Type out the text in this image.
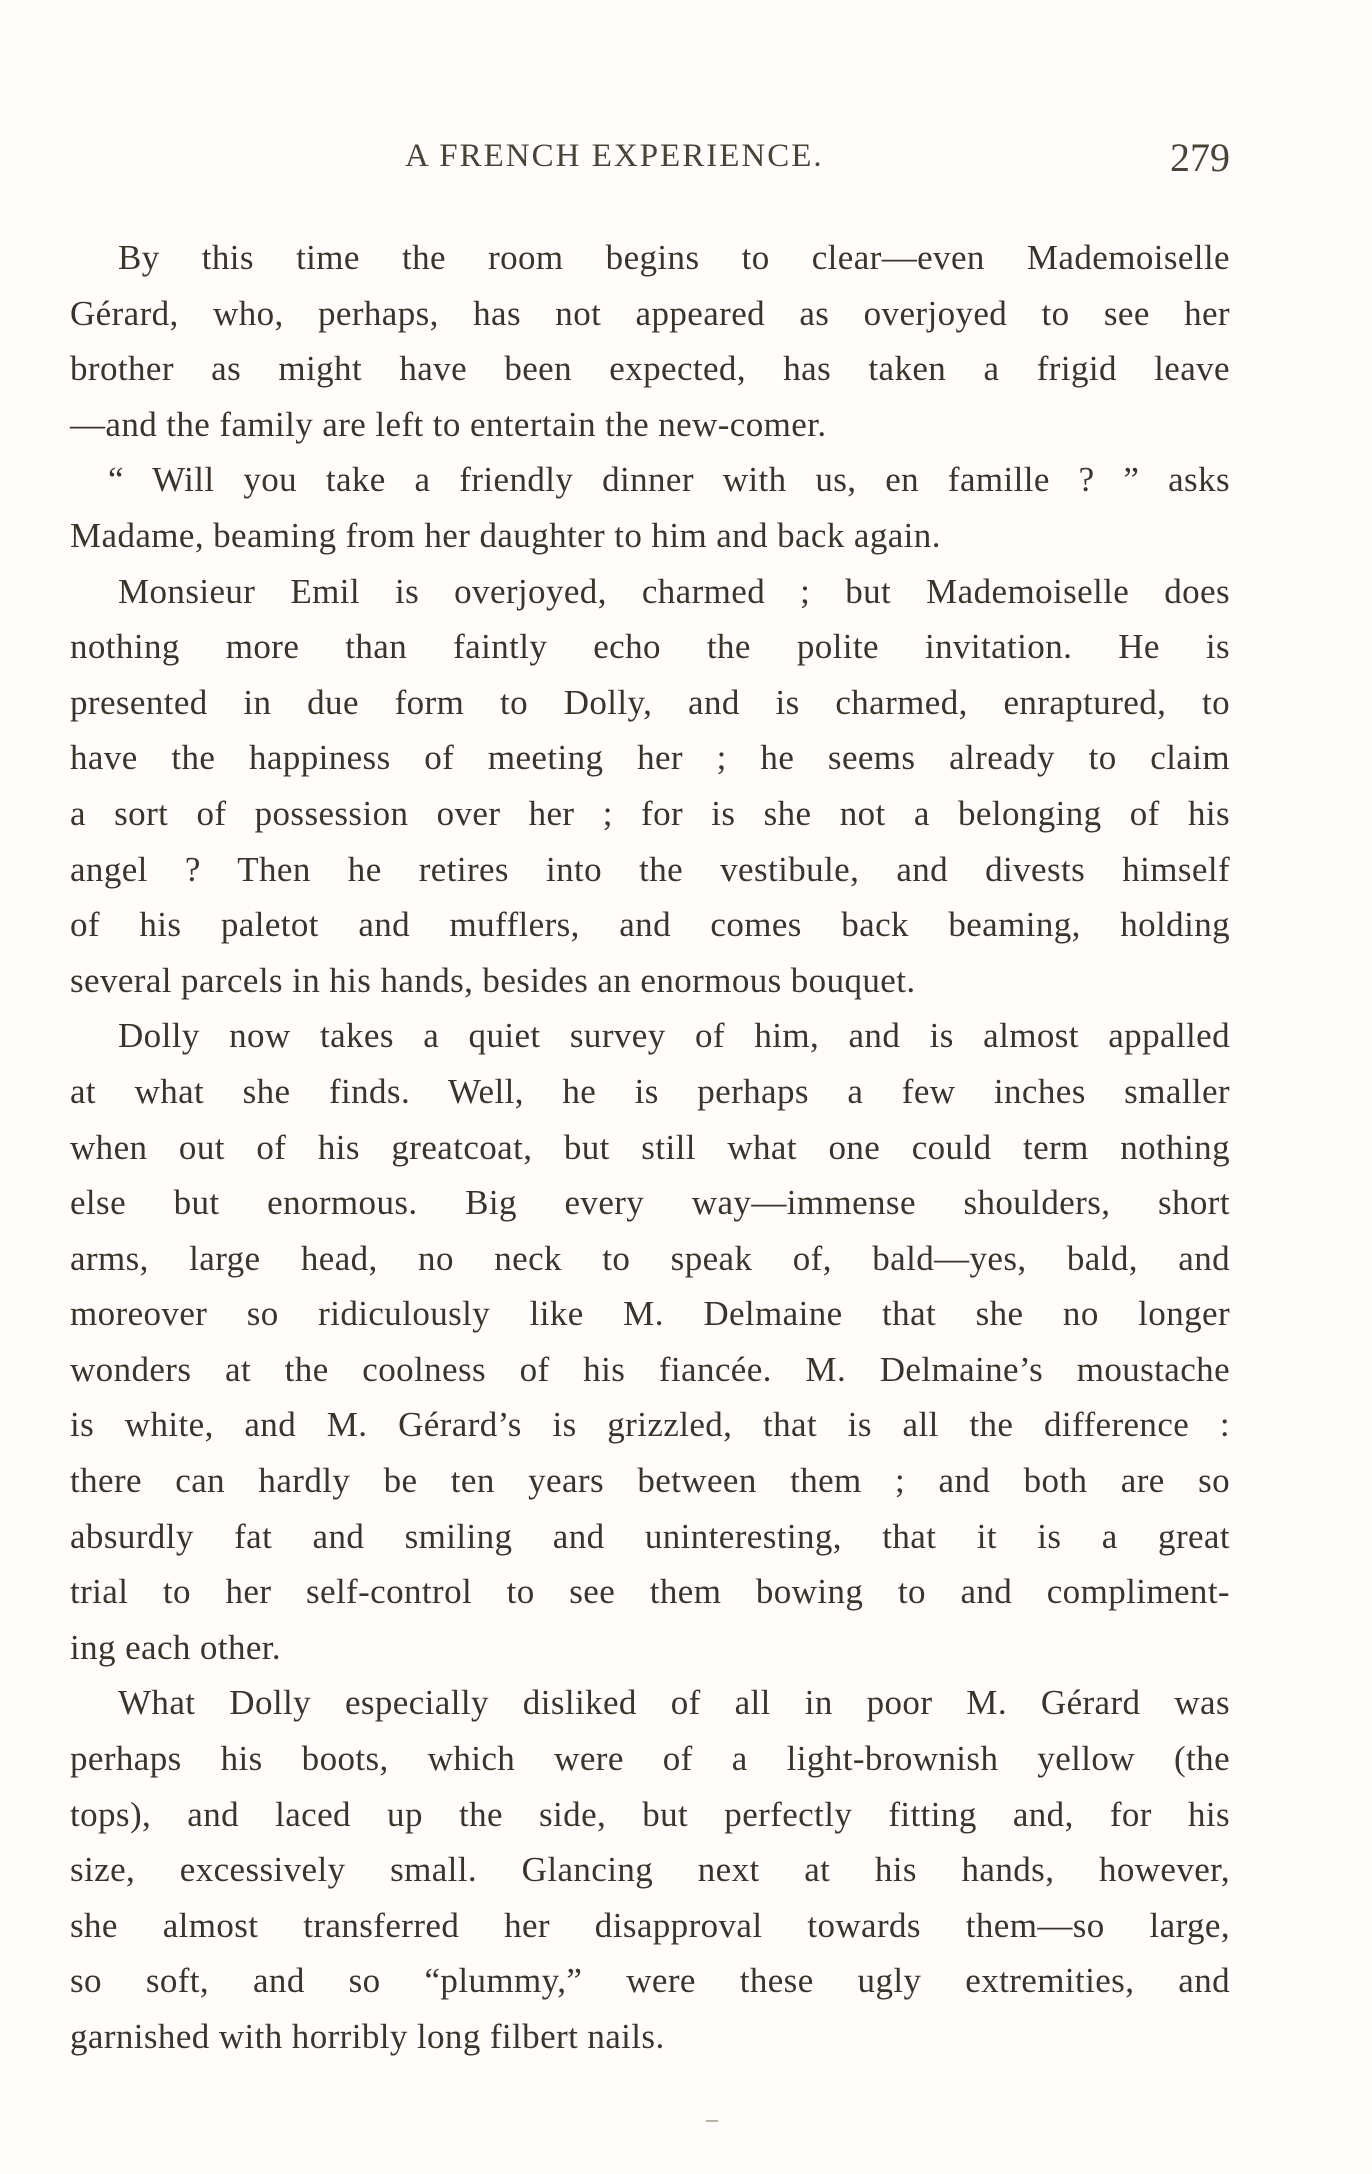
A FRENCH EXPERIENCE.	279
By this time the room begins to clear—even Mademoiselle
Gérard, who, perhaps, has not appeared as overjoyed to see her
brother as might have been expected, has taken a frigid leave
—and the family are left to entertain the new-comer.
“ Will you take a friendly dinner with us, en famille ? ” asks
Madame, beaming from her daughter to him and back again.
Monsieur Emil is overjoyed, charmed ; but Mademoiselle does
nothing more than faintly echo the polite invitation. He is
presented in due form to Dolly, and is charmed, enraptured, to
have the happiness of meeting her ; he seems already to claim
a sort of possession over her ; for is she not a belonging of his
angel ? Then he retires into the vestibule, and divests himself
of his paletot and mufflers, and comes back beaming, holding
several parcels in his hands, besides an enormous bouquet.
Dolly now takes a quiet survey of him, and is almost appalled
at what she finds. Well, he is perhaps a few inches smaller
when out of his greatcoat, but still what one could term nothing
else but enormous. Big every way—immense shoulders, short
arms, large head, no neck to speak of, bald—yes, bald, and
moreover so ridiculously like M. Delmaine that she no longer
wonders at the coolness of his fiancée. M. Delmaine’s moustache
is white, and M. Gérard’s is grizzled, that is all the difference :
there can hardly be ten years between them ; and both are so
absurdly fat and smiling and uninteresting, that it is a great
trial to her self-control to see them bowing to and compliment-
ing each other.
What Dolly especially disliked of all in poor M. Gérard was
perhaps his boots, which were of a light-brownish yellow (the
tops), and laced up the side, but perfectly fitting and, for his
size, excessively small. Glancing next at his hands, however,
she almost transferred her disapproval towards them—so large,
so soft, and so “plummy,” were these ugly extremities, and
garnished with horribly long filbert nails.
